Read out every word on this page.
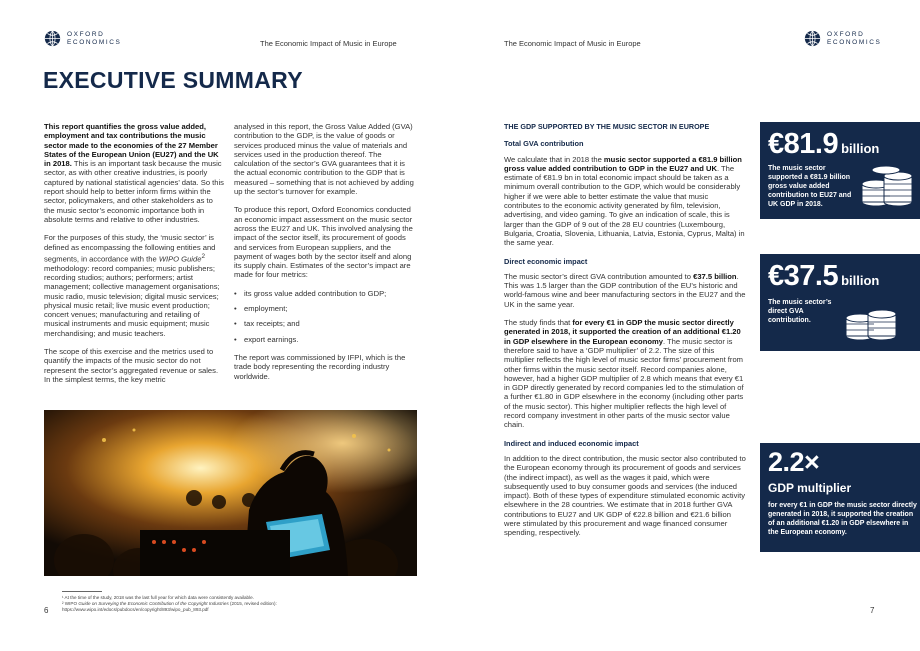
OXFORD
ECONOMICS	The Economic Impact of Music in Europe	The Economic Impact of Music in Europe
OXFORD
ECONOMICS
EXECUTIVE SUMMARY

This report quantifies the gross value added, employment and tax contributions the music sector made to the economies of the 27 Member States of the European Union (EU27) and the UK in 2018. This is an important task because the music sector, as with other creative industries, is poorly captured by national statistical agencies’ data. So this report should help to better inform firms within the sector, policymakers, and other stakeholders as to the music sector’s economic importance both in absolute terms and relative to other industries.

For the purposes of this study, the ‘music sector’ is defined as encompassing the following entities and segments, in accordance with the WIPO Guide$^2$ methodology: record companies; music publishers; recording studios; authors; performers; artist management; collective management organisations; music radio, music television; digital music services; physical music retail; live music event production; concert venues; manufacturing and retailing of musical instruments and music equipment; music merchandising; and music teachers.

The scope of this exercise and the metrics used to quantify the impacts of the music sector do not represent the sector’s aggregated revenue or sales. In the simplest terms, the key metric

analysed in this report, the Gross Value Added (GVA) contribution to the GDP, is the value of goods or services produced minus the value of materials and services used in the production thereof. The calculation of the sector’s GVA guarantees that it is the actual economic contribution to the GDP that is measured – something that is not achieved by adding up the sector’s turnover for example.

To produce this report, Oxford Economics conducted an economic impact assessment on the music sector across the EU27 and UK. This involved analysing the impact of the sector itself, its procurement of goods and services from European suppliers, and the payment of wages both by the sector itself and along its supply chain. Estimates of the sector’s impact are made for four metrics:

• its gross value added contribution to GDP;
• employment;
• tax receipts; and
• export earnings.

The report was commissioned by IFPI, which is the trade body representing the recording industry worldwide.

¹ At the time of the study, 2018 was the last full year for which data were consistently available.
² WIPO Guide on Surveying the Economic Contribution of the Copyright Industries (2015, revised edition): https://www.wipo.int/edocs/pubdocs/en/copyright/893/wipo_pub_893.pdf
6
THE GDP SUPPORTED BY THE MUSIC SECTOR IN EUROPE
Total GVA contribution

We calculate that in 2018 the music sector supported a €81.9 billion gross value added contribution to GDP in the EU27 and UK. The estimate of €81.9 bn in total economic impact should be taken as a minimum overall contribution to the GDP, which would be considerably higher if we were able to better estimate the value that music contributes to the economic activity generated by film, television, advertising, and video gaming. To give an indication of scale, this is larger than the GDP of 9 out of the 28 EU countries (Luxembourg, Bulgaria, Croatia, Slovenia, Lithuania, Latvia, Estonia, Cyprus, Malta) in the same year.

Direct economic impact

The music sector’s direct GVA contribution amounted to €37.5 billion. This was 1.5 larger than the GDP contribution of the EU’s historic and world-famous wine and beer manufacturing sectors in the EU27 and the UK in the same year.

The study finds that for every €1 in GDP the music sector directly generated in 2018, it supported the creation of an additional €1.20 in GDP elsewhere in the European economy. The music sector is therefore said to have a ‘GDP multiplier’ of 2.2. The size of this multiplier reflects the high level of music sector firms’ procurement from other firms within the music sector itself. Record companies alone, however, had a higher GDP multiplier of 2.8 which means that every €1 in GDP directly generated by record companies led to the stimulation of a further €1.80 in GDP elsewhere in the economy (including other parts of the music sector). This higher multiplier reflects the high level of record company investment in other parts of the music sector value chain.

Indirect and induced economic impact

In addition to the direct contribution, the music sector also contributed to the European economy through its procurement of goods and services (the indirect impact), as well as the wages it paid, which were subsequently used to buy consumer goods and services (the induced impact). Both of these types of expenditure stimulated economic activity elsewhere in the 28 countries. We estimate that in 2018 further GVA contributions to EU27 and UK GDP of €22.8 billion and €21.6 billion were stimulated by this procurement and wage financed consumer spending, respectively.

€81.9 billion
The music sector supported a €81.9 billion gross value added contribution to EU27 and UK GDP in 2018.
€37.5 billion
The music sector’s direct GVA contribution.
2.2×
GDP multiplier
for every €1 in GDP the music sector directly generated in 2018, it supported the creation of an additional €1.20 in GDP elsewhere in the European economy.
7
